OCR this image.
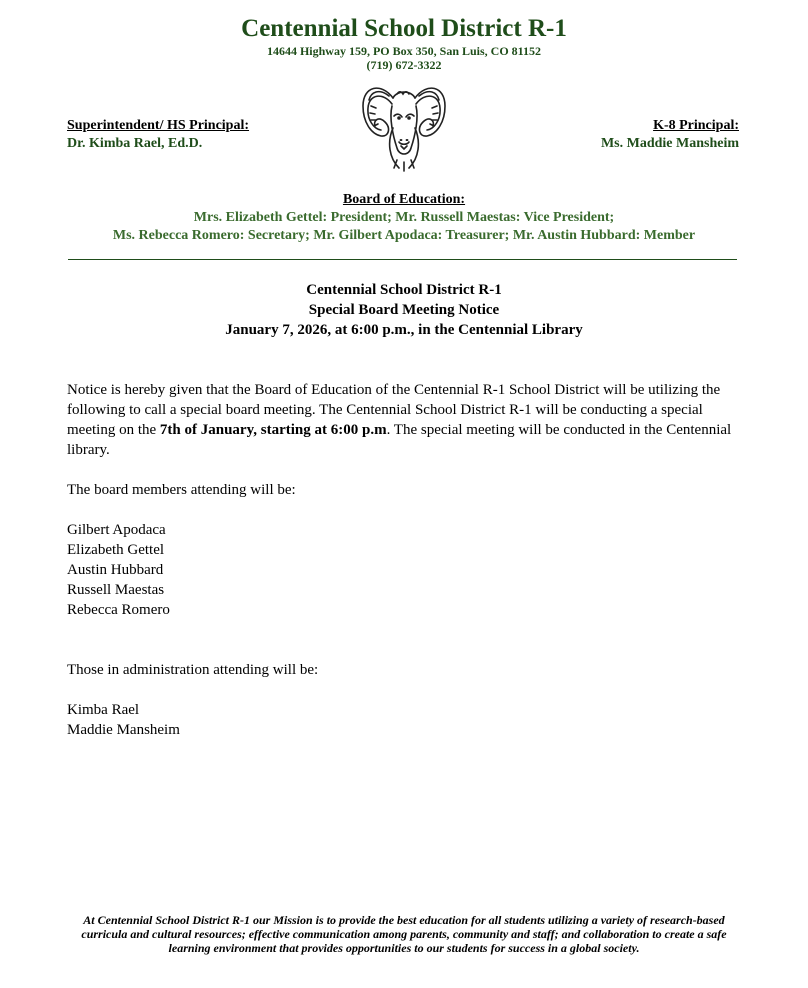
Centennial School District R-1
14644 Highway 159, PO Box 350, San Luis, CO 81152
(719) 672-3322
Superintendent/ HS Principal:
Dr. Kimba Rael, Ed.D.
K-8 Principal:
Ms. Maddie Mansheim
Board of Education:
Mrs. Elizabeth Gettel: President; Mr. Russell Maestas: Vice President;
Ms. Rebecca Romero: Secretary; Mr. Gilbert Apodaca: Treasurer; Mr. Austin Hubbard: Member
Centennial School District R-1
Special Board Meeting Notice
January 7, 2026, at 6:00 p.m., in the Centennial Library

Notice is hereby given that the Board of Education of the Centennial R-1 School District will be utilizing the following to call a special board meeting. The Centennial School District R-1 will be conducting a special meeting on the 7th of January, starting at 6:00 p.m. The special meeting will be conducted in the Centennial library.

The board members attending will be:

Gilbert Apodaca

Elizabeth Gettel

Austin Hubbard

Russell Maestas

Rebecca Romero

Those in administration attending will be:

Kimba Rael

Maddie Mansheim

At Centennial School District R-1 our Mission is to provide the best education for all students utilizing a variety of research-based curricula and cultural resources; effective communication among parents, community and staff; and collaboration to create a safe learning environment that provides opportunities to our students for success in a global society.
